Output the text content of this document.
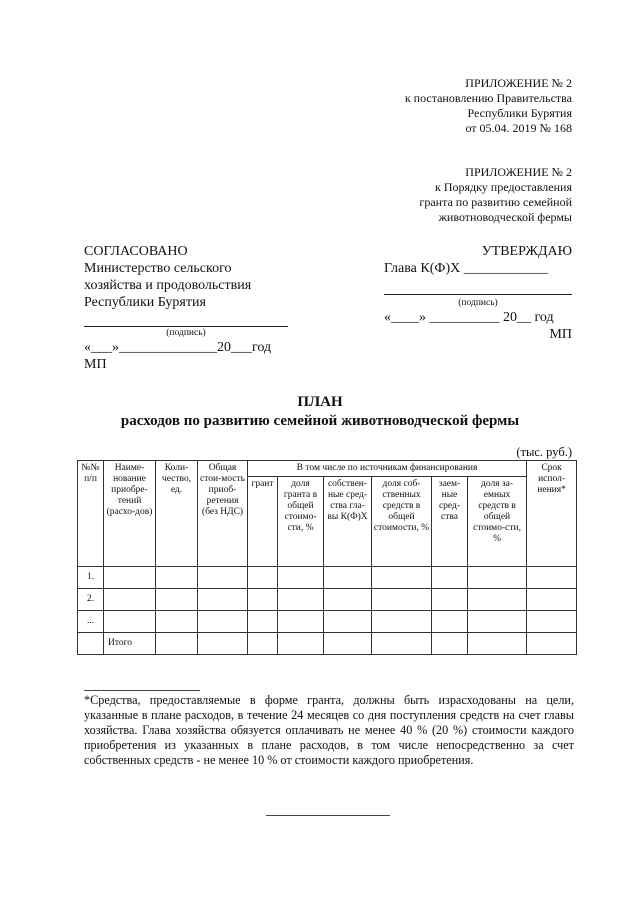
ПРИЛОЖЕНИЕ № 2
к постановлению Правительства
Республики Бурятия
от 05.04. 2019 № 168
ПРИЛОЖЕНИЕ № 2
к Порядку предоставления
гранта по развитию семейной
животноводческой фермы
СОГЛАСОВАНО
Министерство сельского
хозяйства и продовольствия
Республики Бурятия
(подпись)
«___»______________20___год
МП
УТВЕРЖДАЮ
Глава К(Ф)Х ____________
(подпись)
«____» __________ 20__ год
МП
ПЛАН
расходов по развитию семейной животноводческой фермы
(тыс. руб.)
№№ п/п	Наиме-нование приобре-тений (расхо-дов)	Коли-чество, ед.	Общая стои-мость приоб-ретения (без НДС)	В том числе по источникам финансирования						Срок испол-нения*
				грант	доля гранта в общей стоимо-сти, %	собствен-ные сред-ства гла-вы К(Ф)Х	доля соб-ственных средств в общей стоимости, %	заем-ные сред-ства	доля за-емных средств в общей стоимо-сти, %	
1.										
2.										
...										
	Итого									
*Средства, предоставляемые в форме гранта, должны быть израсходованы на цели, указанные в плане расходов, в течение 24 месяцев со дня поступления средств на счет главы хозяйства. Глава хозяйства обязуется оплачивать не менее 40 % (20 %) стоимости каждого приобретения из указанных в плане расходов, в том числе непосредственно за счет собственных средств - не менее 10 % от стоимости каждого приобретения.
